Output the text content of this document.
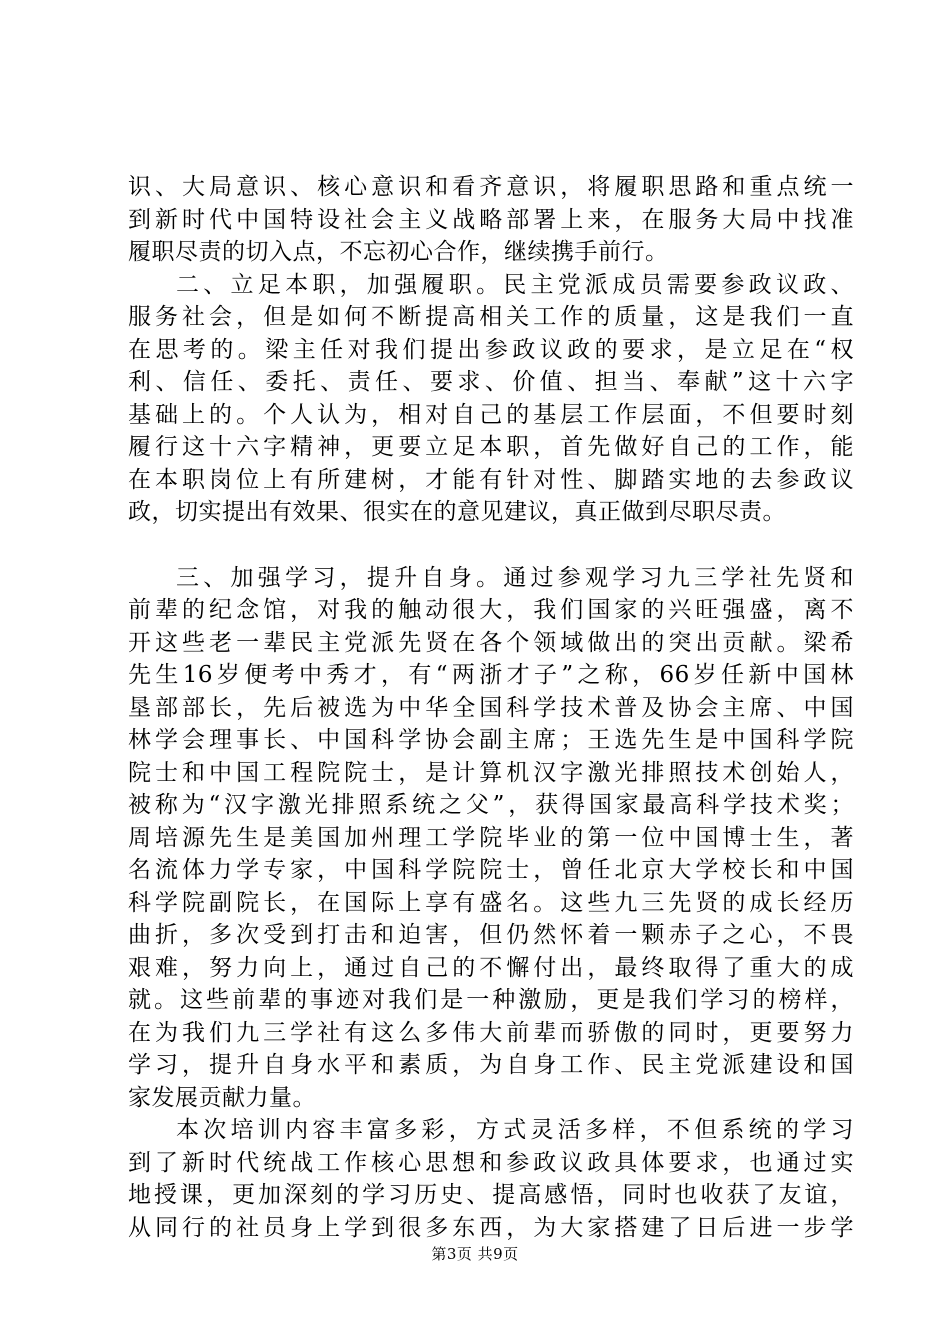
识、大局意识、核心意识和看齐意识，将履职思路和重点统一
到新时代中国特设社会主义战略部署上来，在服务大局中找准
履职尽责的切入点，不忘初心合作，继续携手前行。
二、立足本职，加强履职。民主党派成员需要参政议政、
服务社会，但是如何不断提高相关工作的质量，这是我们一直
在思考的。梁主任对我们提出参政议政的要求，是立足在“权
利、信任、委托、责任、要求、价值、担当、奉献”这十六字
基础上的。个人认为，相对自己的基层工作层面，不但要时刻
履行这十六字精神，更要立足本职，首先做好自己的工作，能
在本职岗位上有所建树，才能有针对性、脚踏实地的去参政议
政，切实提出有效果、很实在的意见建议，真正做到尽职尽责。
三、加强学习，提升自身。通过参观学习九三学社先贤和
前辈的纪念馆，对我的触动很大，我们国家的兴旺强盛，离不
开这些老一辈民主党派先贤在各个领域做出的突出贡献。梁希
先生16岁便考中秀才，有“两浙才子”之称，66岁任新中国林
垦部部长，先后被选为中华全国科学技术普及协会主席、中国
林学会理事长、中国科学协会副主席；王选先生是中国科学院
院士和中国工程院院士，是计算机汉字激光排照技术创始人，
被称为“汉字激光排照系统之父”，获得国家最高科学技术奖；
周培源先生是美国加州理工学院毕业的第一位中国博士生，著
名流体力学专家，中国科学院院士，曾任北京大学校长和中国
科学院副院长，在国际上享有盛名。这些九三先贤的成长经历
曲折，多次受到打击和迫害，但仍然怀着一颗赤子之心，不畏
艰难，努力向上，通过自己的不懈付出，最终取得了重大的成
就。这些前辈的事迹对我们是一种激励，更是我们学习的榜样，
在为我们九三学社有这么多伟大前辈而骄傲的同时，更要努力
学习，提升自身水平和素质，为自身工作、民主党派建设和国
家发展贡献力量。
本次培训内容丰富多彩，方式灵活多样，不但系统的学习
到了新时代统战工作核心思想和参政议政具体要求，也通过实
地授课，更加深刻的学习历史、提高感悟，同时也收获了友谊，
从同行的社员身上学到很多东西，为大家搭建了日后进一步学
第3页 共9页
